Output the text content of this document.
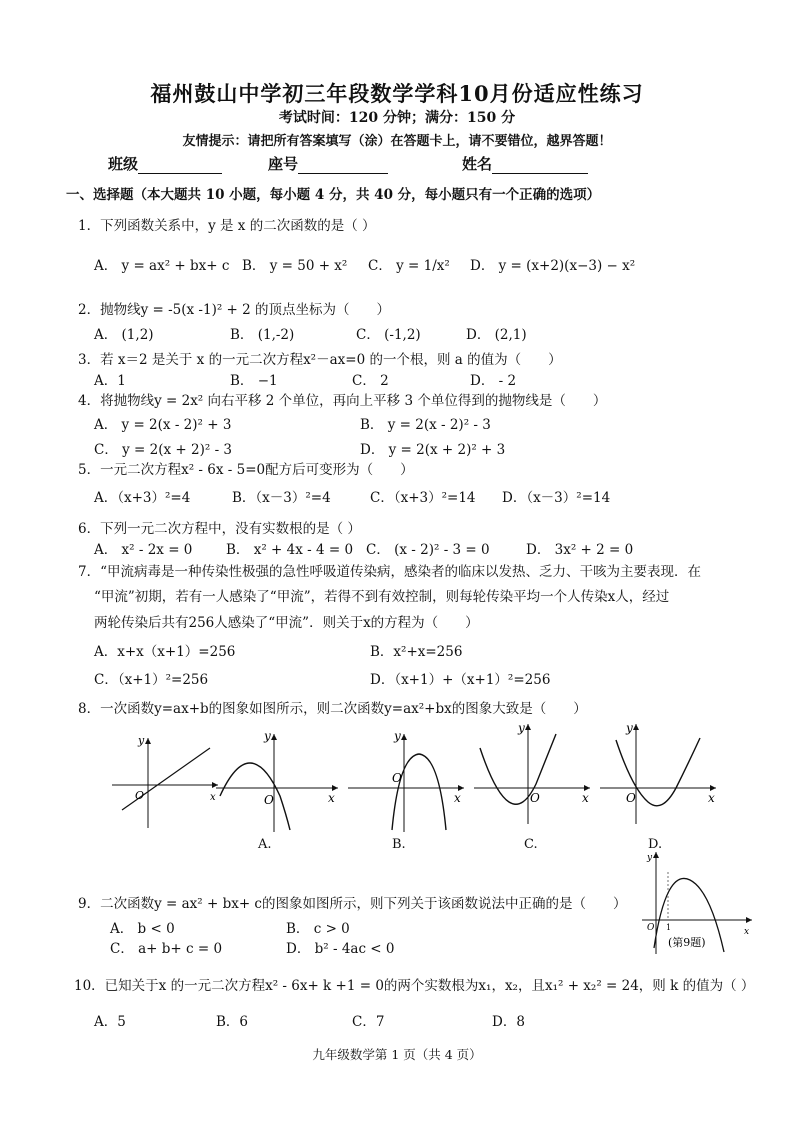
福州鼓山中学初三年段数学学科10月份适应性练习
考试时间：120 分钟；满分：150 分
友情提示：请把所有答案填写（涂）在答题卡上，请不要错位，越界答题！
班级	座号	姓名
一、选择题（本大题共 10 小题，每小题 4 分，共 40 分，每小题只有一个正确的选项）
1．下列函数关系中，y 是 x 的二次函数的是（ ）
A． y = ax² + bx+ c B． y = 50 + x² C． y = 1/x² D． y = (x+2)(x−3) − x²
2．抛物线y = -5(x -1)² + 2 的顶点坐标为（　　）
A． (1,2)	B． (1,-2)	C． (-1,2)	D． (2,1)
3．若 x＝2 是关于 x 的一元二次方程x²－ax=0 的一个根，则 a 的值为（　　）
A．1	B． −1	C． 2	D． - 2
4．将抛物线y = 2x² 向右平移 2 个单位，再向上平移 3 个单位得到的抛物线是（　　）
A． y = 2(x - 2)² + 3	B． y = 2(x - 2)² - 3
C． y = 2(x + 2)² - 3	D． y = 2(x + 2)² + 3
5．一元二次方程x² - 6x - 5=0配方后可变形为（　　）
A．（x+3）²=4	B．（x－3）²=4	C．（x+3）²=14 D．（x－3）²=14
6．下列一元二次方程中，没有实数根的是（ ）
A． x² - 2x = 0 B． x² + 4x - 4 = 0 C． (x - 2)² - 3 = 0	D． 3x² + 2 = 0
7．“甲流病毒是一种传染性极强的急性呼吸道传染病，感染者的临床以发热、乏力、干咳为主要表现．在
“甲流”初期，若有一人感染了“甲流”，若得不到有效控制，则每轮传染平均一个人传染x人，经过
两轮传染后共有256人感染了“甲流”．则关于x的方程为（　　）
A．x+x（x+1）=256	B．x²+x=256
C．（x+1）²=256	D．（x+1）+（x+1）²=256
8．一次函数y=ax+b的图象如图所示，则二次函数y=ax²+bx的图象大致是（　　）
y
x
O
y
x
O
y
x
O
y
x
O
y
x
O
A.	B.	C.	D.
9．二次函数y = ax² + bx+ c的图象如图所示，则下列关于该函数说法中正确的是（　　）
A． b < 0	B． c > 0
C． a+ b+ c = 0	D． b² - 4ac < 0
y
x
O 1
(第9题)
10．已知关于x 的一元二次方程x² - 6x+ k +1 = 0的两个实数根为x₁，x₂，且x₁² + x₂² = 24，则 k 的值为（ ）
A．5	B．6	C．7	D．8
九年级数学第 1 页（共 4 页）
